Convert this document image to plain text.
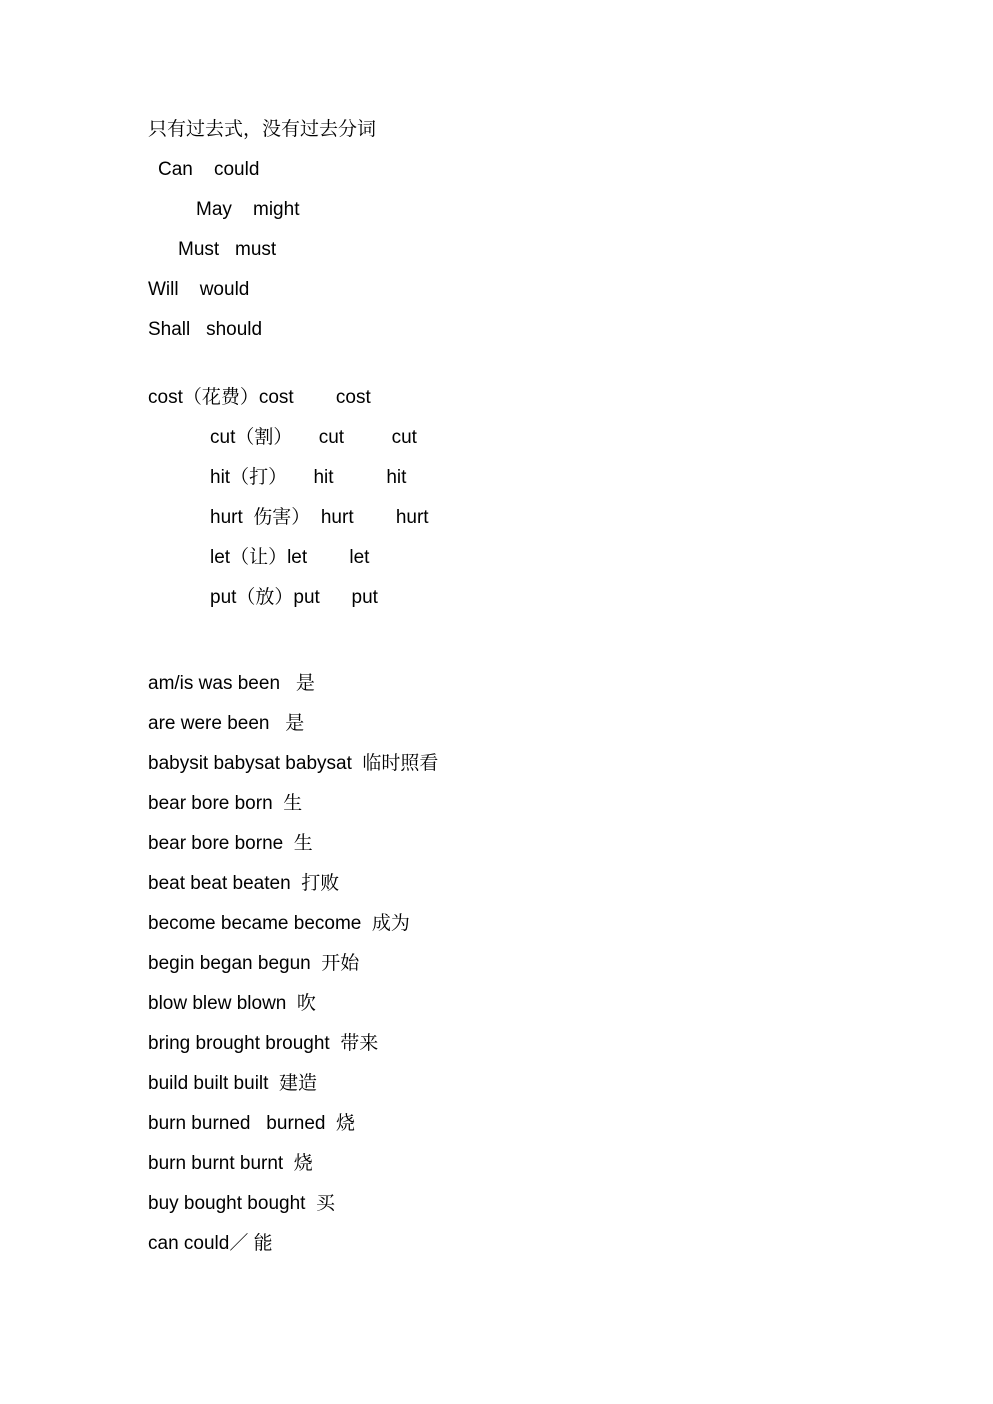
只有过去式，没有过去分词
Can    could
May    might
Must   must
Will    would
Shall   should
cost（花费）cost        cost
cut（割）     cut         cut
hit（打）     hit          hit
hurt  伤害）  hurt        hurt
let（让）let        let
put（放）put      put
am/is was been   是
are were been   是
babysit babysat babysat  临时照看
bear bore born  生
bear bore borne  生
beat beat beaten  打败
become became become  成为
begin began begun  开始
blow blew blown  吹
bring brought brought  带来
build built built  建造
burn burned   burned  烧
burn burnt burnt  烧
buy bought bought  买
can could／ 能
